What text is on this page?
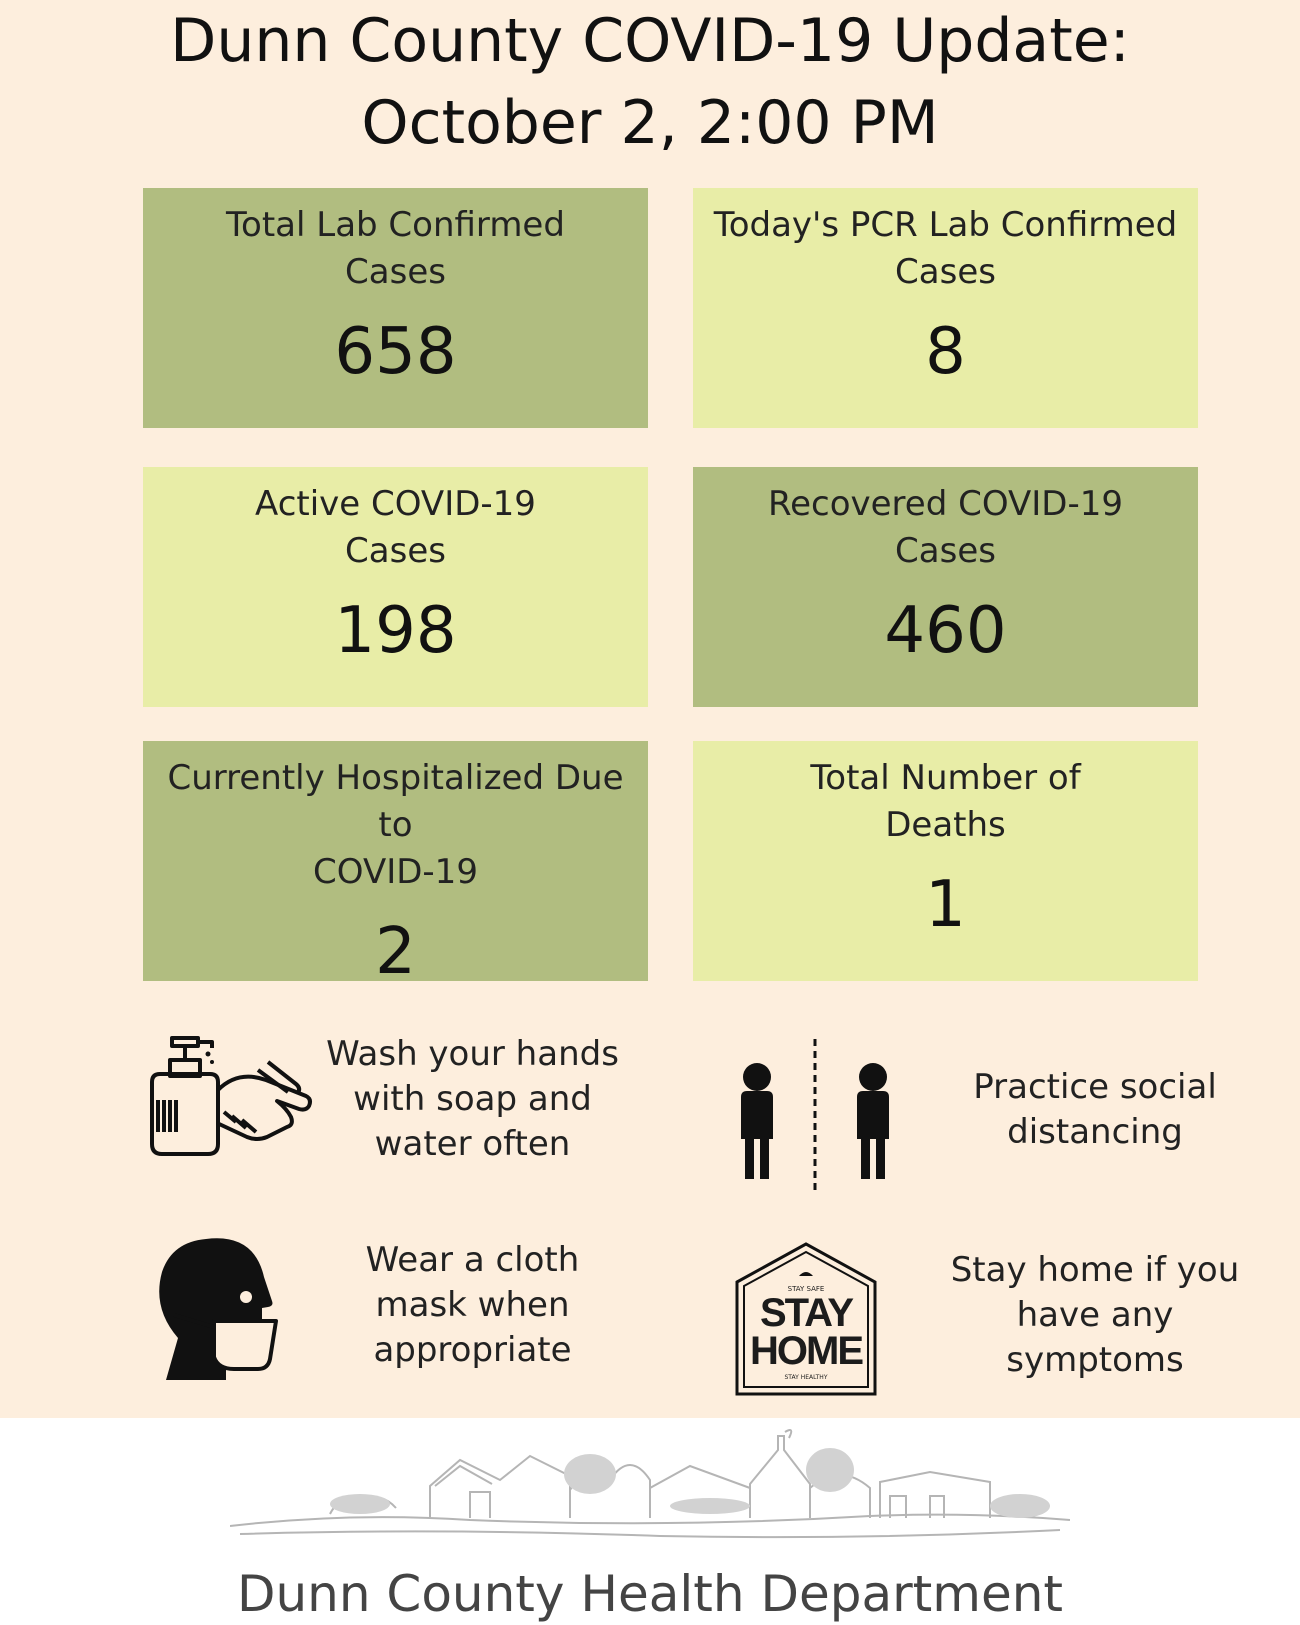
Dunn County COVID-19 Update:
October 2, 2:00 PM
Total Lab Confirmed
Cases
658
Today's PCR Lab Confirmed
Cases
8
Active COVID-19
Cases
198
Recovered COVID-19
Cases
460
Currently Hospitalized Due to
COVID-19
2
Total Number of
Deaths
1
Wash your hands
with soap and
water often
Practice social
distancing
Wear a cloth
mask when
appropriate
STAY SAFE
STAY
HOME
STAY HEALTHY
Stay home if you
have any
symptoms
Dunn County Health Department
